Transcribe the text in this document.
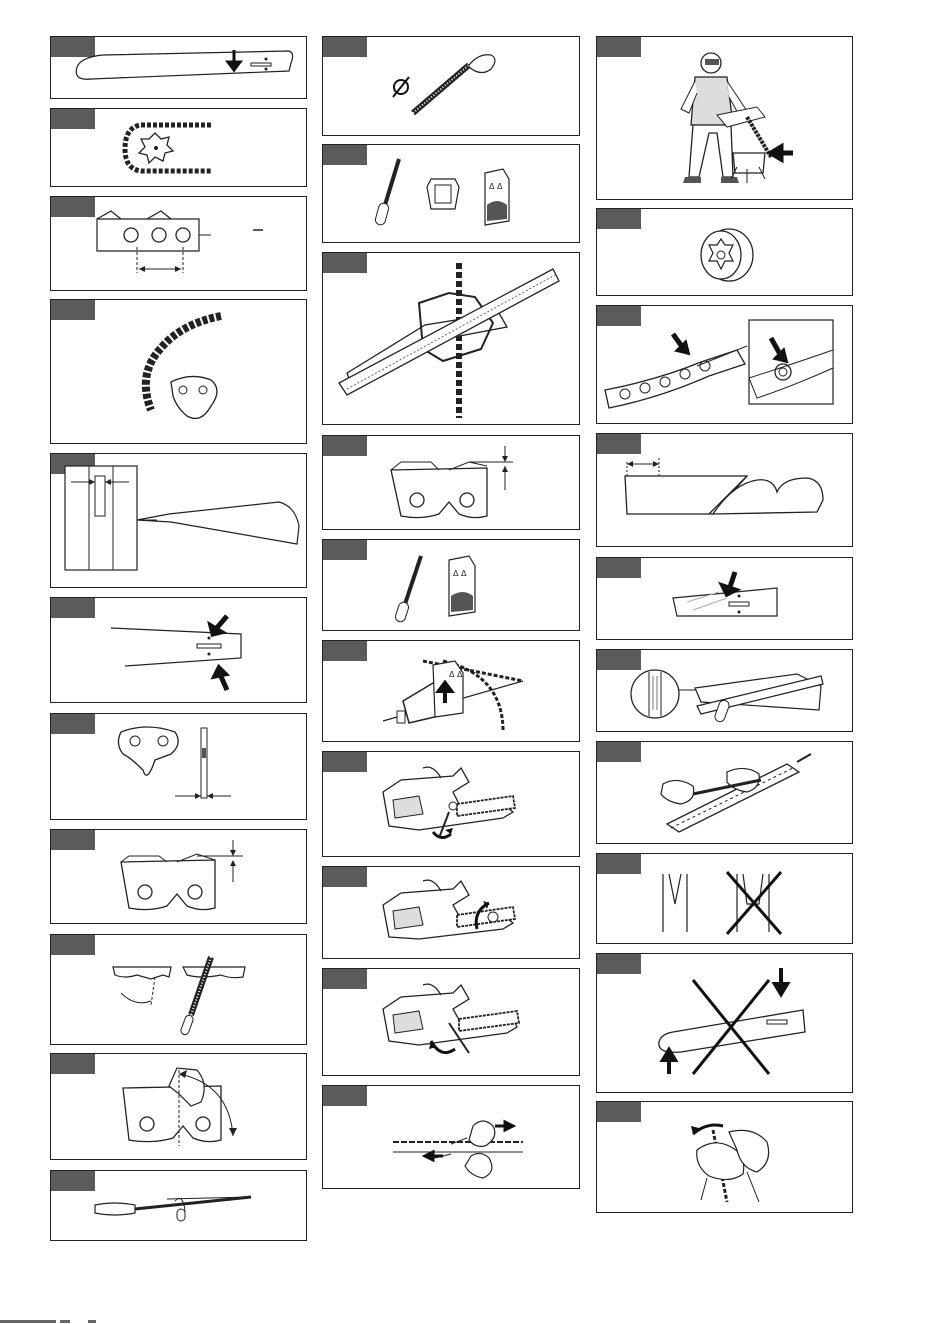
Δ Δ
Δ Δ
Δ Δ
